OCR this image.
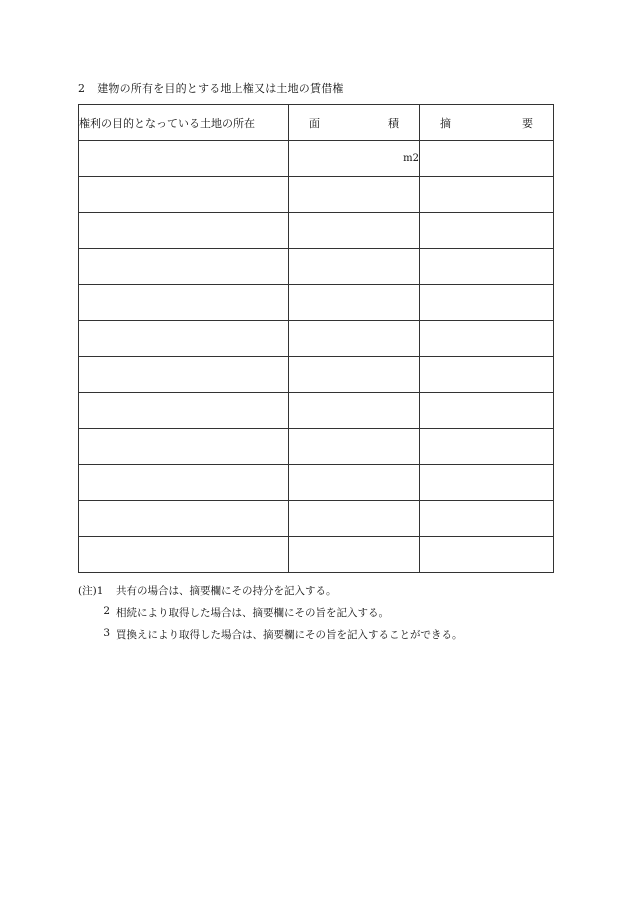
2 建物の所有を目的とする地上権又は土地の賃借権
権利の目的となっている土地の所在	面 積	摘 要

	m2	

(注)1	共有の場合は、摘要欄にその持分を記入する。
2 相続により取得した場合は、摘要欄にその旨を記入する。
3 買換えにより取得した場合は、摘要欄にその旨を記入することができる。
